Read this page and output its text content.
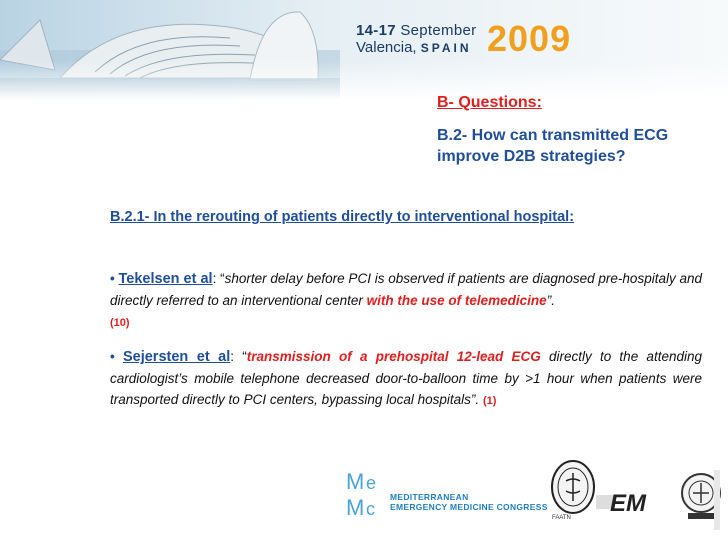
14-17 September
Valencia, SPAIN 2009
B- Questions:
B.2- How can transmitted ECG improve D2B strategies?
B.2.1- In the rerouting of patients directly to interventional hospital:
• Tekelsen et al: “shorter delay before PCI is observed if patients are diagnosed pre-hospitaly and directly referred to an interventional center with the use of telemedicine”.
(10)
• Sejersten et al: “transmission of a prehospital 12-lead ECG directly to the attending cardiologist’s mobile telephone decreased door-to-balloon time by >1 hour when patients were transported directly to PCI centers, bypassing local hospitals”. (1)
M e
M c
MEDITERRANEAN
EMERGENCY MEDICINE CONGRESS
FAATN
EM
